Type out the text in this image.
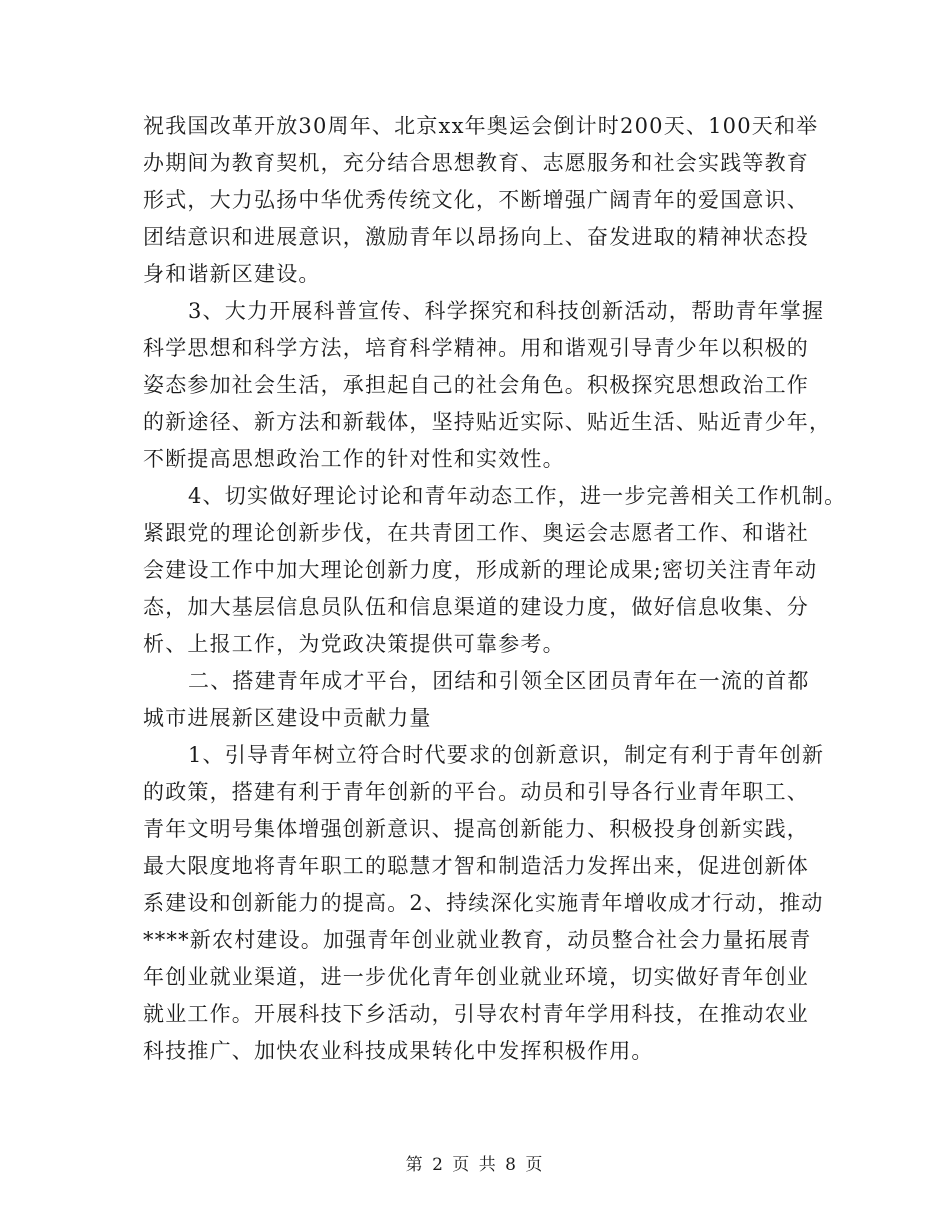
祝我国改革开放30周年、北京xx年奥运会倒计时200天、100天和举
办期间为教育契机，充分结合思想教育、志愿服务和社会实践等教育
形式，大力弘扬中华优秀传统文化，不断增强广阔青年的爱国意识、
团结意识和进展意识，激励青年以昂扬向上、奋发进取的精神状态投
身和谐新区建设。
3、大力开展科普宣传、科学探究和科技创新活动，帮助青年掌握
科学思想和科学方法，培育科学精神。用和谐观引导青少年以积极的
姿态参加社会生活，承担起自己的社会角色。积极探究思想政治工作
的新途径、新方法和新载体，坚持贴近实际、贴近生活、贴近青少年，
不断提高思想政治工作的针对性和实效性。
4、切实做好理论讨论和青年动态工作，进一步完善相关工作机制。
紧跟党的理论创新步伐，在共青团工作、奥运会志愿者工作、和谐社
会建设工作中加大理论创新力度，形成新的理论成果;密切关注青年动
态，加大基层信息员队伍和信息渠道的建设力度，做好信息收集、分
析、上报工作，为党政决策提供可靠参考。
二、搭建青年成才平台，团结和引领全区团员青年在一流的首都
城市进展新区建设中贡献力量
1、引导青年树立符合时代要求的创新意识，制定有利于青年创新
的政策，搭建有利于青年创新的平台。动员和引导各行业青年职工、
青年文明号集体增强创新意识、提高创新能力、积极投身创新实践，
最大限度地将青年职工的聪慧才智和制造活力发挥出来，促进创新体
系建设和创新能力的提高。2、持续深化实施青年增收成才行动，推动
****新农村建设。加强青年创业就业教育，动员整合社会力量拓展青
年创业就业渠道，进一步优化青年创业就业环境，切实做好青年创业
就业工作。开展科技下乡活动，引导农村青年学用科技，在推动农业
科技推广、加快农业科技成果转化中发挥积极作用。
第 2 页 共 8 页
